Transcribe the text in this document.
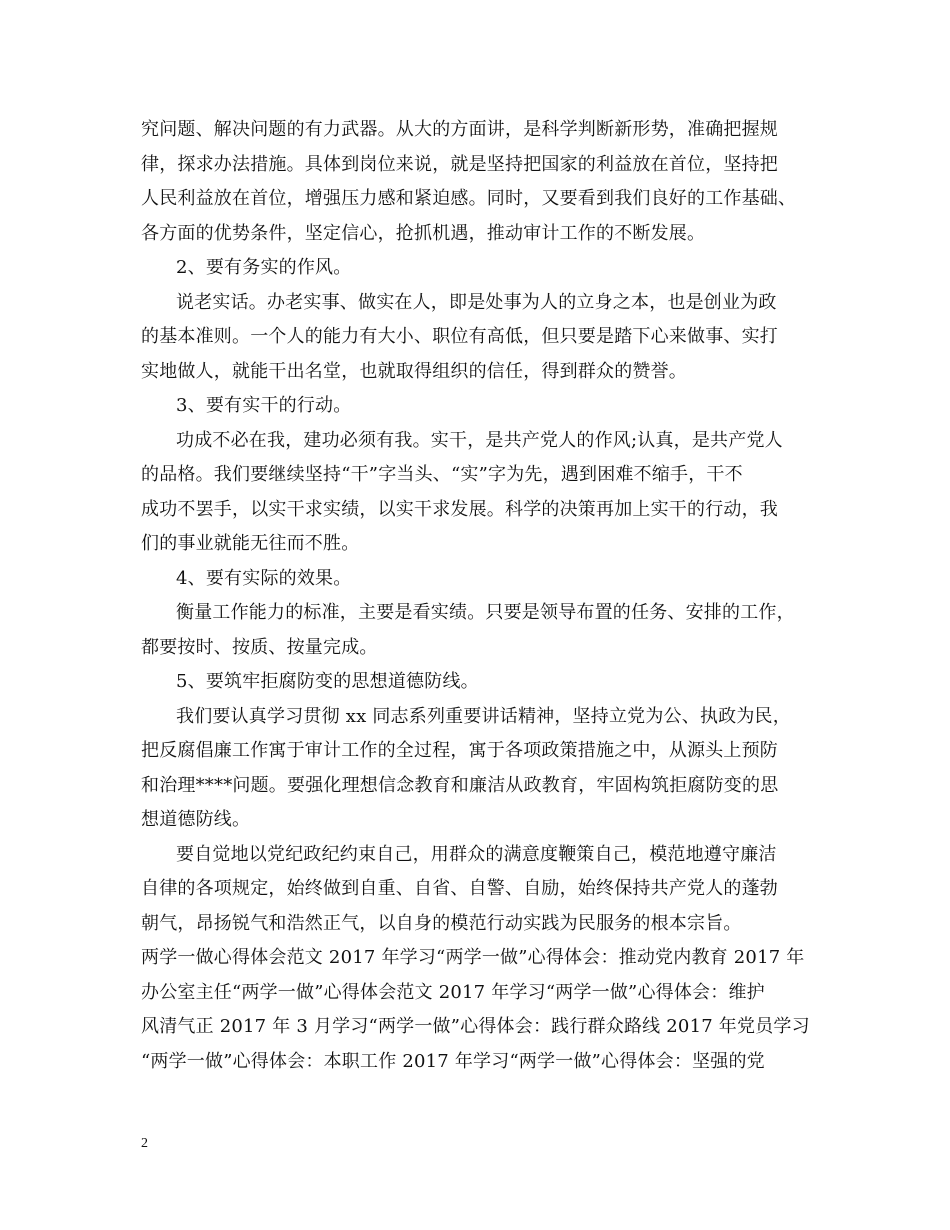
究问题、解决问题的有力武器。从大的方面讲，是科学判断新形势，准确把握规
律，探求办法措施。具体到岗位来说，就是坚持把国家的利益放在首位，坚持把
人民利益放在首位，增强压力感和紧迫感。同时，又要看到我们良好的工作基础、
各方面的优势条件，坚定信心，抢抓机遇，推动审计工作的不断发展。
2、要有务实的作风。
说老实话。办老实事、做实在人，即是处事为人的立身之本，也是创业为政
的基本准则。一个人的能力有大小、职位有高低，但只要是踏下心来做事、实打
实地做人，就能干出名堂，也就取得组织的信任，得到群众的赞誉。
3、要有实干的行动。
功成不必在我，建功必须有我。实干，是共产党人的作风;认真，是共产党人
的品格。我们要继续坚持“干”字当头、“实”字为先，遇到困难不缩手，干不
成功不罢手，以实干求实绩，以实干求发展。科学的决策再加上实干的行动，我
们的事业就能无往而不胜。
4、要有实际的效果。
衡量工作能力的标准，主要是看实绩。只要是领导布置的任务、安排的工作，
都要按时、按质、按量完成。
5、要筑牢拒腐防变的思想道德防线。
我们要认真学习贯彻 xx 同志系列重要讲话精神，坚持立党为公、执政为民，
把反腐倡廉工作寓于审计工作的全过程，寓于各项政策措施之中，从源头上预防
和治理****问题。要强化理想信念教育和廉洁从政教育，牢固构筑拒腐防变的思
想道德防线。
要自觉地以党纪政纪约束自己，用群众的满意度鞭策自己，模范地遵守廉洁
自律的各项规定，始终做到自重、自省、自警、自励，始终保持共产党人的蓬勃
朝气，昂扬锐气和浩然正气，以自身的模范行动实践为民服务的根本宗旨。
两学一做心得体会范文 2017 年学习“两学一做”心得体会：推动党内教育 2017 年
办公室主任“两学一做”心得体会范文 2017 年学习“两学一做”心得体会：维护
风清气正 2017 年 3 月学习“两学一做”心得体会：践行群众路线 2017 年党员学习
“两学一做”心得体会：本职工作 2017 年学习“两学一做”心得体会：坚强的党
2
